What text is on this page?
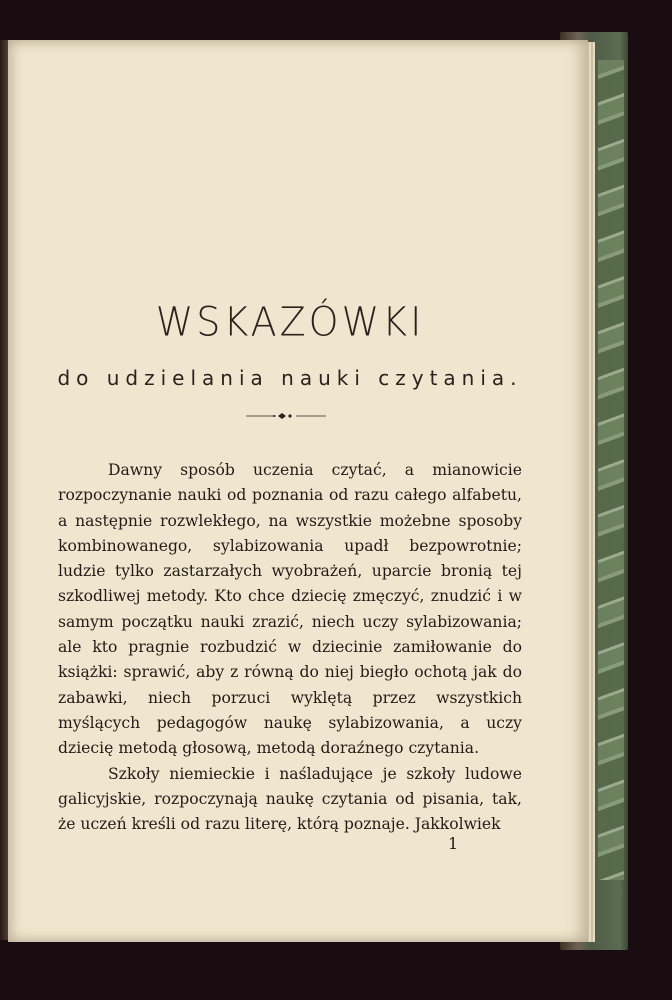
WSKAZÓWKI
do udzielania nauki czytania.

Dawny sposób uczenia czytać, a mianowicie rozpoczynanie nauki od poznania od razu całego alfabetu, a następnie rozwlekłego, na wszystkie możebne sposoby kombinowanego, sylabizowania upadł bezpowrotnie; ludzie tylko zastarzałych wyobrażeń, uparcie bronią tej szkodliwej metody. Kto chce dziecię zmęczyć, znudzić i w samym początku nauki zrazić, niech uczy sylabizowania; ale kto pragnie rozbudzić w dziecinie zamiłowanie do książki: sprawić, aby z równą do niej biegło ochotą jak do zabawki, niech porzuci wyklętą przez wszystkich myślących pedagogów naukę sylabizowania, a uczy dziecię metodą głosową, metodą doraźnego czytania.

Szkoły niemieckie i naśladujące je szkoły ludowe galicyjskie, rozpoczynają naukę czytania od pisania, tak, że uczeń kreśli od razu literę, którą poznaje. Jakkolwiek

1
